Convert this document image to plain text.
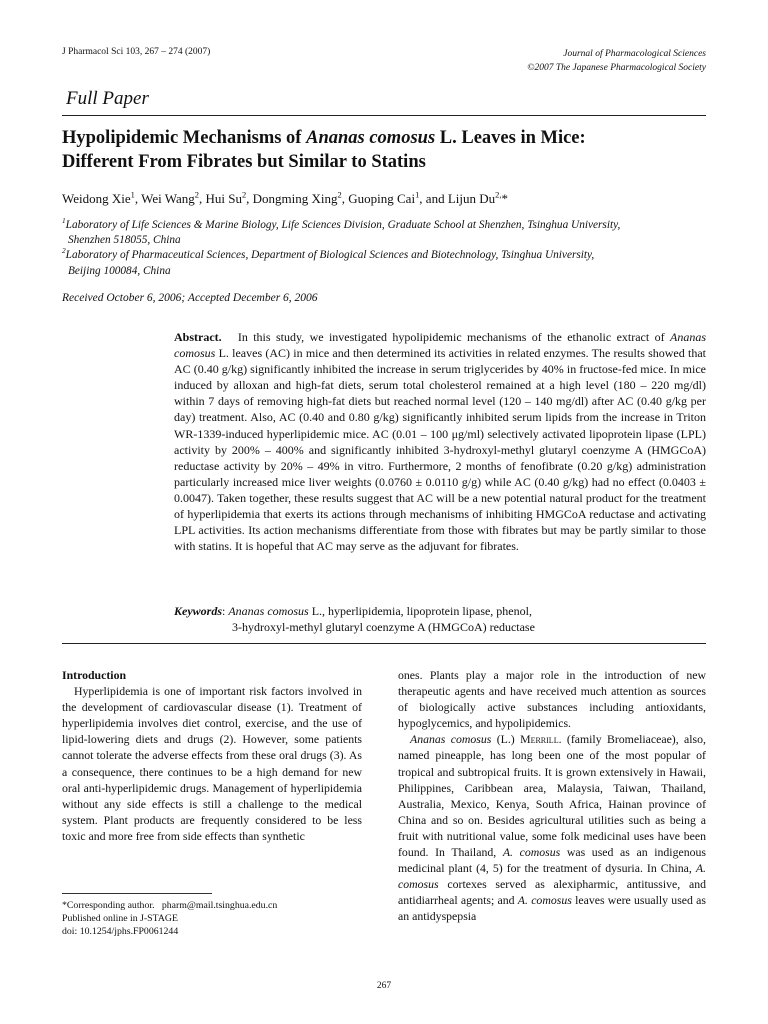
J Pharmacol Sci 103, 267 – 274 (2007)	Journal of Pharmacological Sciences
©2007 The Japanese Pharmacological Society
Full Paper
Hypolipidemic Mechanisms of Ananas comosus L. Leaves in Mice:
Different From Fibrates but Similar to Statins
Weidong Xie$^1$, Wei Wang$^2$, Hui Su$^2$, Dongming Xing$^2$, Guoping Cai$^1$, and Lijun $Du^{2,}*$
$^1$Laboratory of Life Sciences & Marine Biology, Life Sciences Division, Graduate School at Shenzhen, Tsinghua University,
Shenzhen 518055, China
$^2$Laboratory of Pharmaceutical Sciences, Department of Biological Sciences and Biotechnology, Tsinghua University,
Beijing 100084, China
Received October 6, 2006; Accepted December 6, 2006
Abstract.   In this study, we investigated hypolipidemic mechanisms of the ethanolic extract of Ananas comosus L. leaves (AC) in mice and then determined its activities in related enzymes. The results showed that AC (0.40 g/kg) significantly inhibited the increase in serum triglycerides by 40% in fructose-fed mice. In mice induced by alloxan and high-fat diets, serum total cholesterol remained at a high level (180 – 220 mg/dl) within 7 days of removing high-fat diets but reached normal level (120 – 140 mg/dl) after AC (0.40 g/kg per day) treatment. Also, AC (0.40 and 0.80 g/kg) significantly inhibited serum lipids from the increase in Triton WR-1339-induced hyperlipidemic mice. AC (0.01 – 100 μg/ml) selectively activated lipoprotein lipase (LPL) activity by 200% – 400% and significantly inhibited 3-hydroxyl-methyl glutaryl coenzyme A (HMGCoA) reductase activity by 20% – 49% in vitro. Furthermore, 2 months of fenofibrate (0.20 g/kg) administration particularly increased mice liver weights (0.0760 ± 0.0110 g/g) while AC (0.40 g/kg) had no effect (0.0403 ± 0.0047). Taken together, these results suggest that AC will be a new potential natural product for the treatment of hyperlipidemia that exerts its actions through mechanisms of inhibiting HMGCoA reductase and activating LPL activities. Its action mechanisms differentiate from those with fibrates but may be partly similar to those with statins. It is hopeful that AC may serve as the adjuvant for fibrates.
Keywords: Ananas comosus L., hyperlipidemia, lipoprotein lipase, phenol,
3-hydroxyl-methyl glutaryl coenzyme A (HMGCoA) reductase

Introduction

Hyperlipidemia is one of important risk factors involved in the development of cardiovascular disease (1). Treatment of hyperlipidemia involves diet control, exercise, and the use of lipid-lowering diets and drugs (2). However, some patients cannot tolerate the adverse effects from these oral drugs (3). As a consequence, there continues to be a high demand for new oral anti-hyperlipidemic drugs. Management of hyperlipidemia without any side effects is still a challenge to the medical system. Plant products are frequently considered to be less toxic and more free from side effects than synthetic

ones. Plants play a major role in the introduction of new therapeutic agents and have received much attention as sources of biologically active substances including antioxidants, hypoglycemics, and hypolipidemics.

Ananas comosus (L.) Merrill. (family Bromeliaceae), also, named pineapple, has long been one of the most popular of tropical and subtropical fruits. It is grown extensively in Hawaii, Philippines, Caribbean area, Malaysia, Taiwan, Thailand, Australia, Mexico, Kenya, South Africa, Hainan province of China and so on. Besides agricultural utilities such as being a fruit with nutritional value, some folk medicinal uses have been found. In Thailand, A. comosus was used as an indigenous medicinal plant (4, 5) for the treatment of dysuria. In China, A. comosus cortexes served as alexipharmic, antitussive, and antidiarrheal agents; and A. comosus leaves were usually used as an antidyspepsia

*Corresponding author.   pharm@mail.tsinghua.edu.cn
Published online in J-STAGE
doi: 10.1254/jphs.FP0061244
267
